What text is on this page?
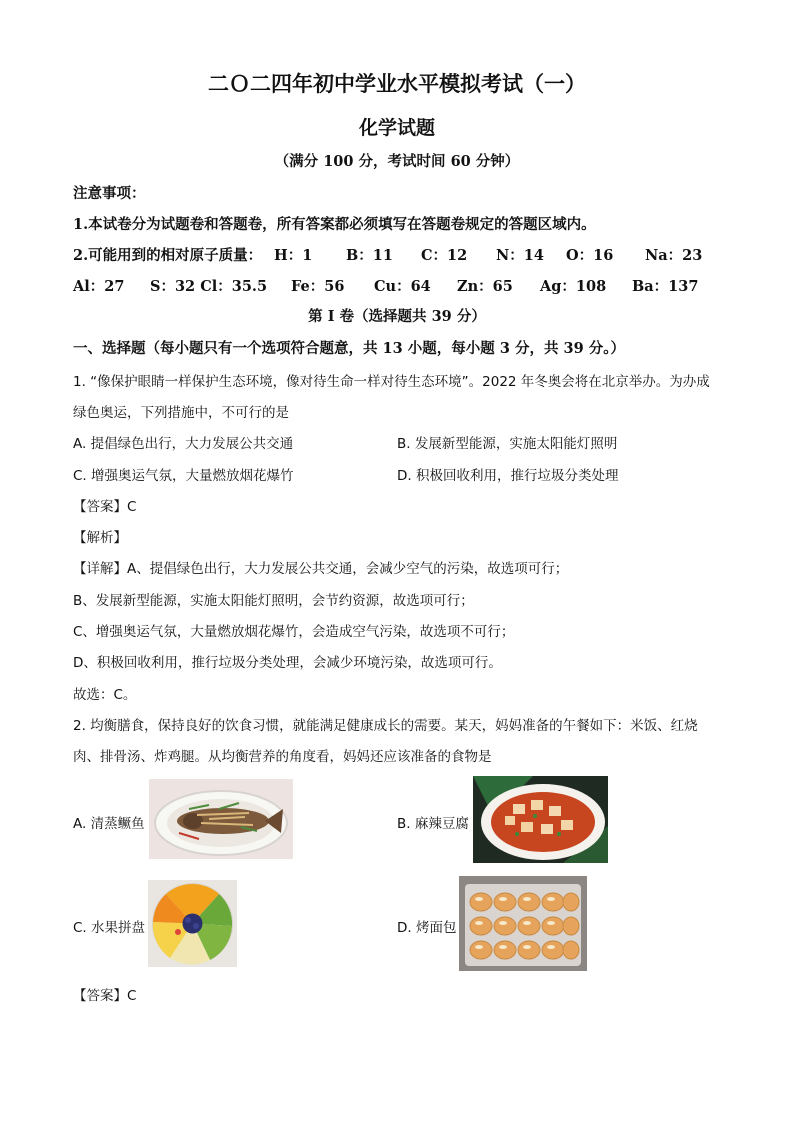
二Ｏ二四年初中学业水平模拟考试（一）
化学试题
（满分 100 分，考试时间 60 分钟）
注意事项：
1.本试卷分为试题卷和答题卷，所有答案都必须填写在答题卷规定的答题区域内。
2.可能用到的相对原子质量： H：1 B：11 C：12 N：14 O：16 Na：23
Al：27 S：32 Cl：35.5 Fe：56 Cu：64 Zn：65 Ag：108 Ba：137
第 I 卷（选择题共 39 分）
一、选择题（每小题只有一个选项符合题意，共 13 小题，每小题 3 分，共 39 分。）
1. “像保护眼睛一样保护生态环境，像对待生命一样对待生态环境”。2022 年冬奥会将在北京举办。为办成
绿色奥运，下列措施中，不可行的是
A. 提倡绿色出行，大力发展公共交通	B. 发展新型能源，实施太阳能灯照明
C. 增强奥运气氛，大量燃放烟花爆竹	D. 积极回收利用，推行垃圾分类处理
【答案】C
【解析】
【详解】A、提倡绿色出行，大力发展公共交通，会减少空气的污染，故选项可行；
B、发展新型能源，实施太阳能灯照明，会节约资源，故选项可行；
C、增强奥运气氛，大量燃放烟花爆竹，会造成空气污染，故选项不可行；
D、积极回收利用，推行垃圾分类处理，会减少环境污染，故选项可行。
故选：C。
2. 均衡膳食，保持良好的饮食习惯，就能满足健康成长的需要。某天，妈妈准备的午餐如下：米饭、红烧
肉、排骨汤、炸鸡腿。从均衡营养的角度看，妈妈还应该准备的食物是
A. 清蒸鳜鱼	B. 麻辣豆腐
C. 水果拼盘	D. 烤面包
【答案】C
